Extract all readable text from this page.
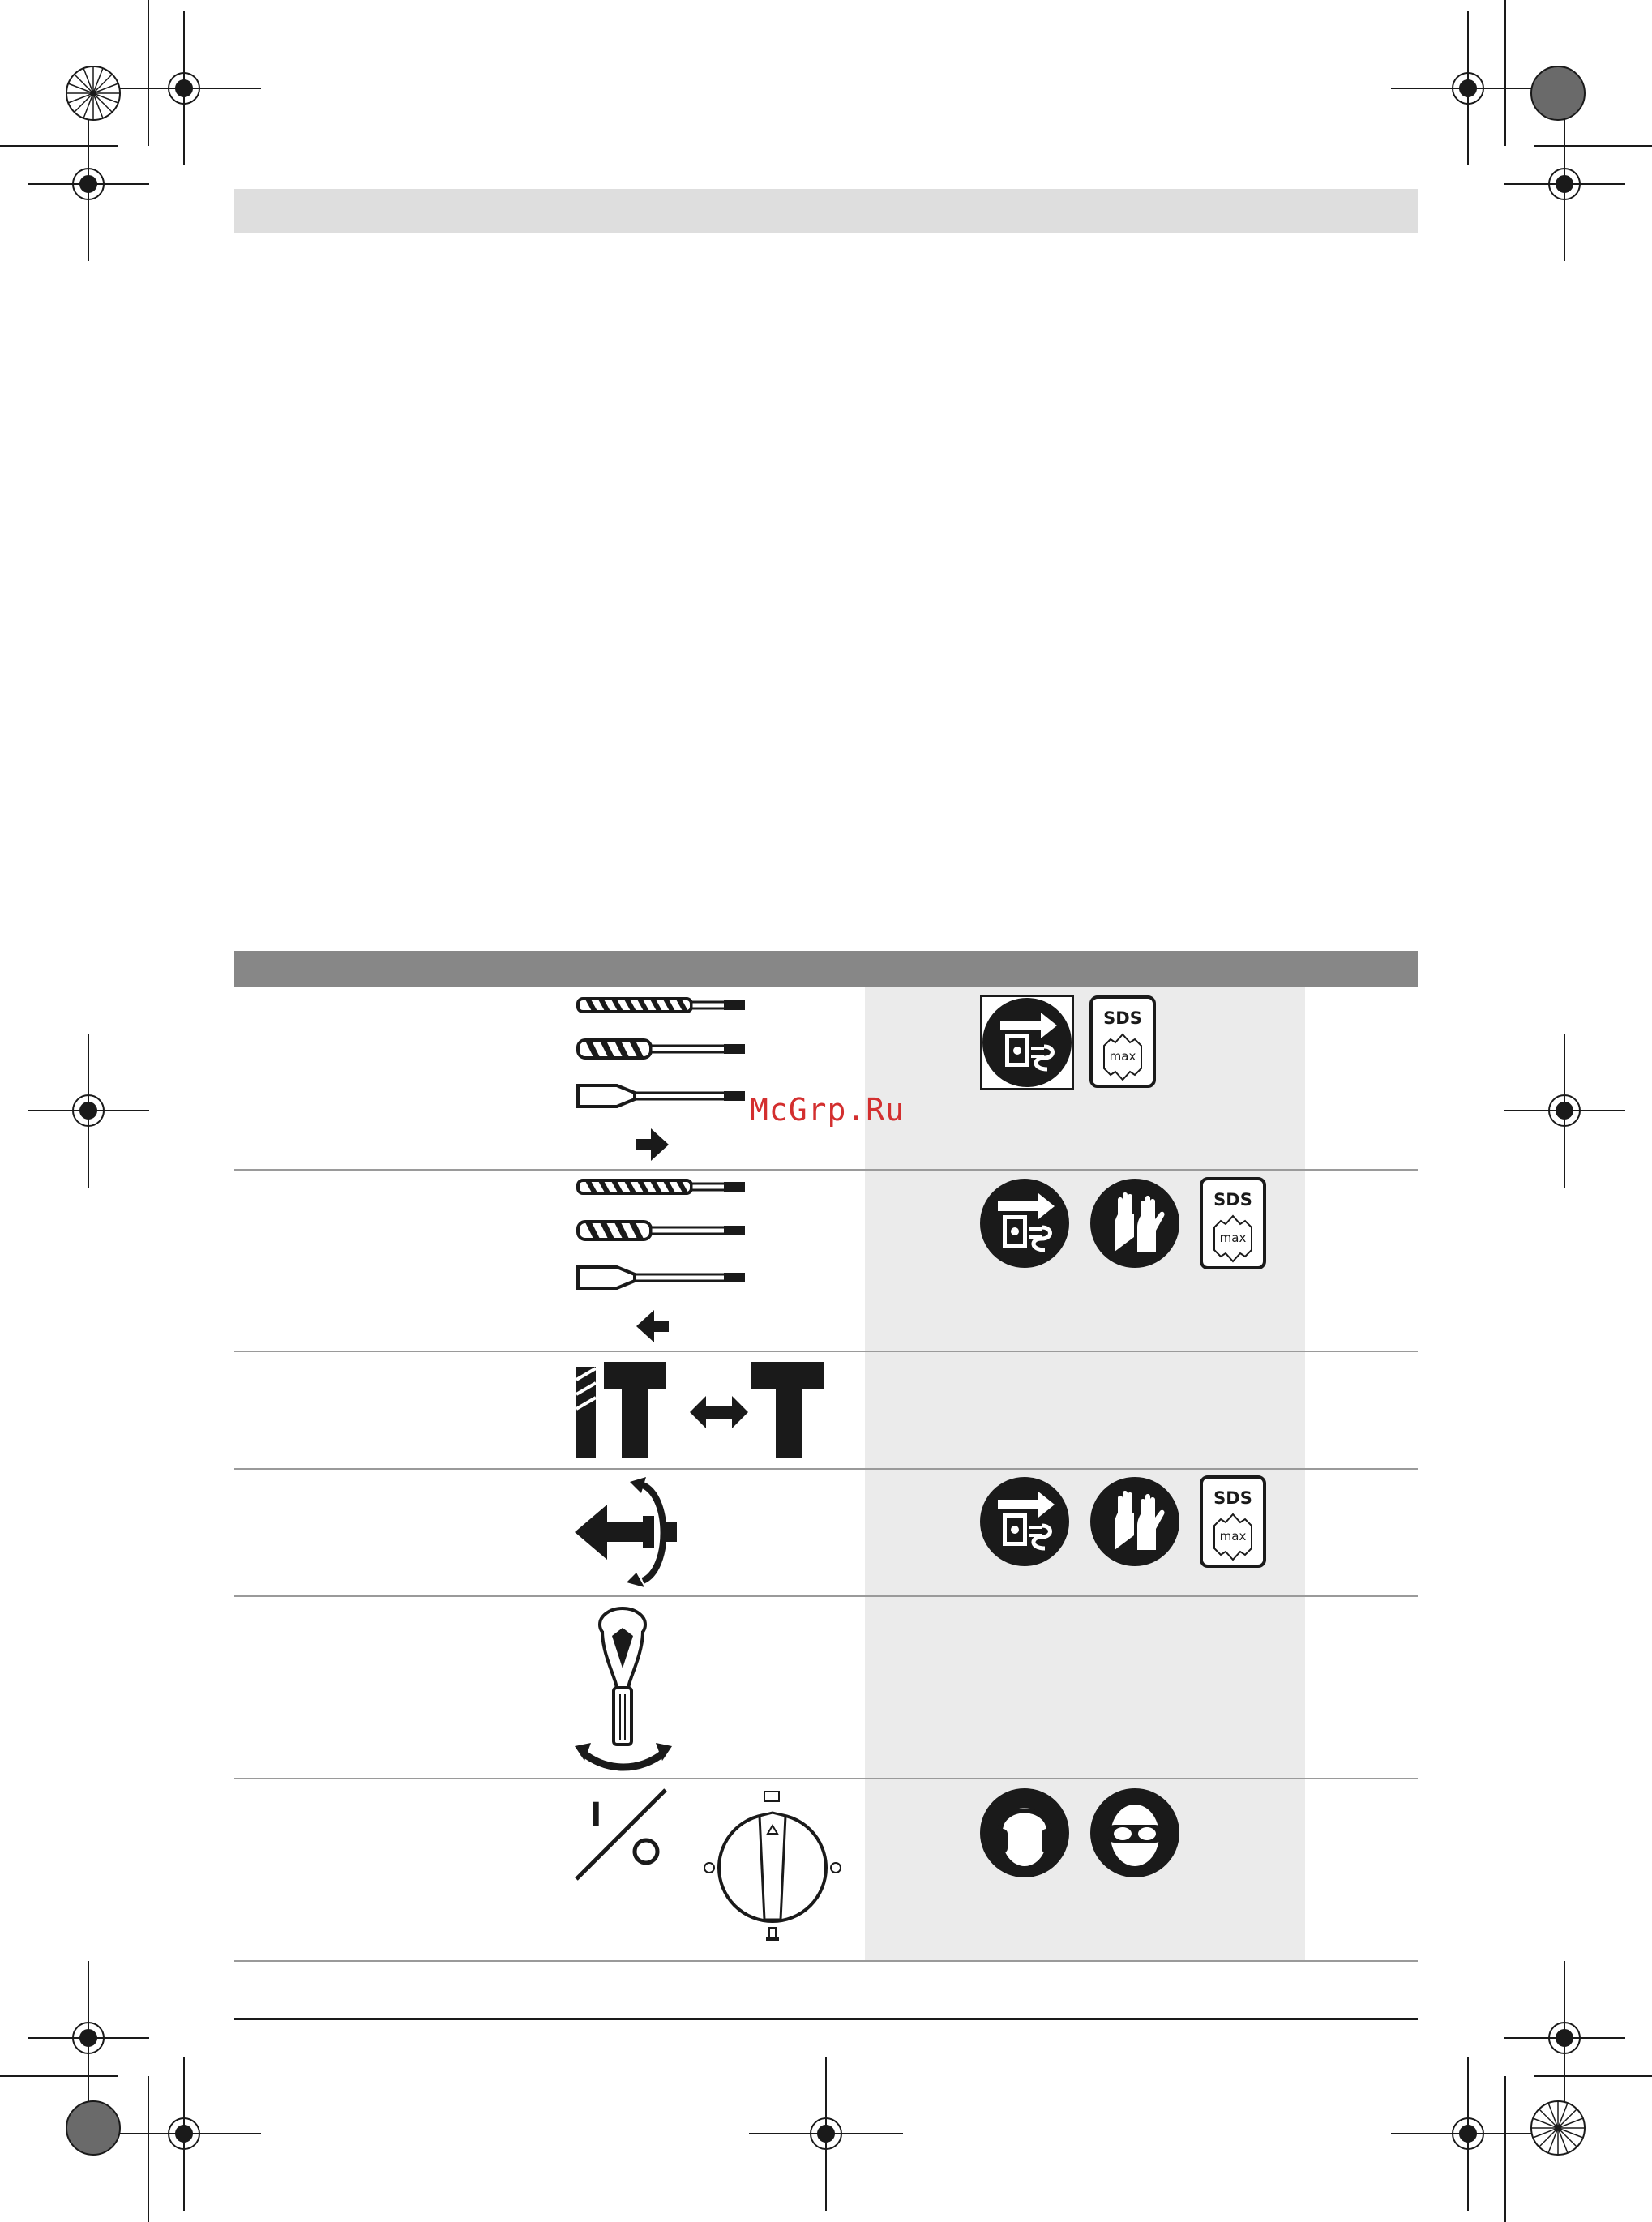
SDS
max
McGrp.Ru
SDS
max
SDS
max
I
